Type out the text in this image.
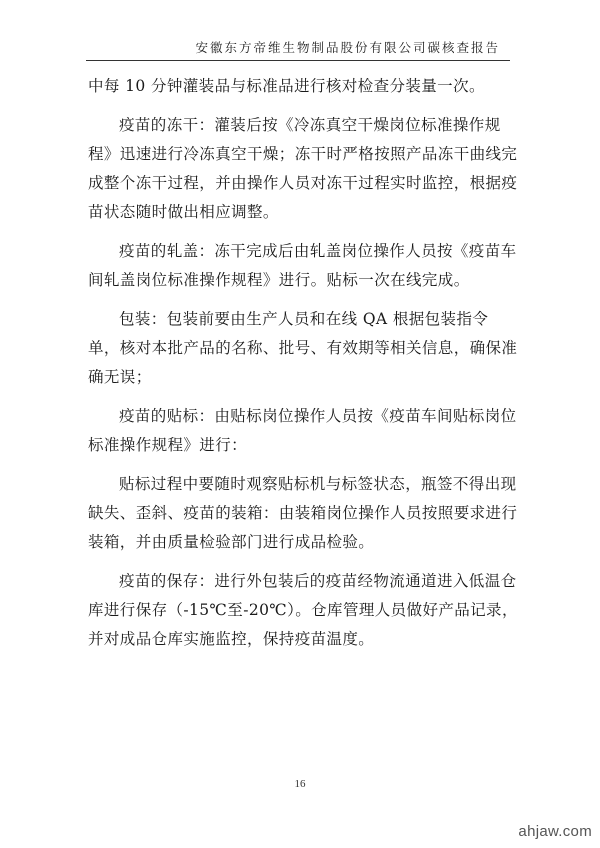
安徽东方帝维生物制品股份有限公司碳核查报告

中每 10 分钟灌装品与标准品进行核对检查分装量一次。

疫苗的冻干：灌装后按《冷冻真空干燥岗位标准操作规程》迅速进行冷冻真空干燥；冻干时严格按照产品冻干曲线完成整个冻干过程，并由操作人员对冻干过程实时监控，根据疫苗状态随时做出相应调整。

疫苗的轧盖：冻干完成后由轧盖岗位操作人员按《疫苗车间轧盖岗位标准操作规程》进行。贴标一次在线完成。

包装：包装前要由生产人员和在线 QA 根据包装指令单，核对本批产品的名称、批号、有效期等相关信息，确保准确无误；

疫苗的贴标：由贴标岗位操作人员按《疫苗车间贴标岗位标准操作规程》进行：

贴标过程中要随时观察贴标机与标签状态，瓶签不得出现缺失、歪斜、疫苗的装箱：由装箱岗位操作人员按照要求进行装箱，并由质量检验部门进行成品检验。

疫苗的保存：进行外包装后的疫苗经物流通道进入低温仓库进行保存（-15℃至-20℃）。仓库管理人员做好产品记录，并对成品仓库实施监控，保持疫苗温度。

16
ahjaw.com
